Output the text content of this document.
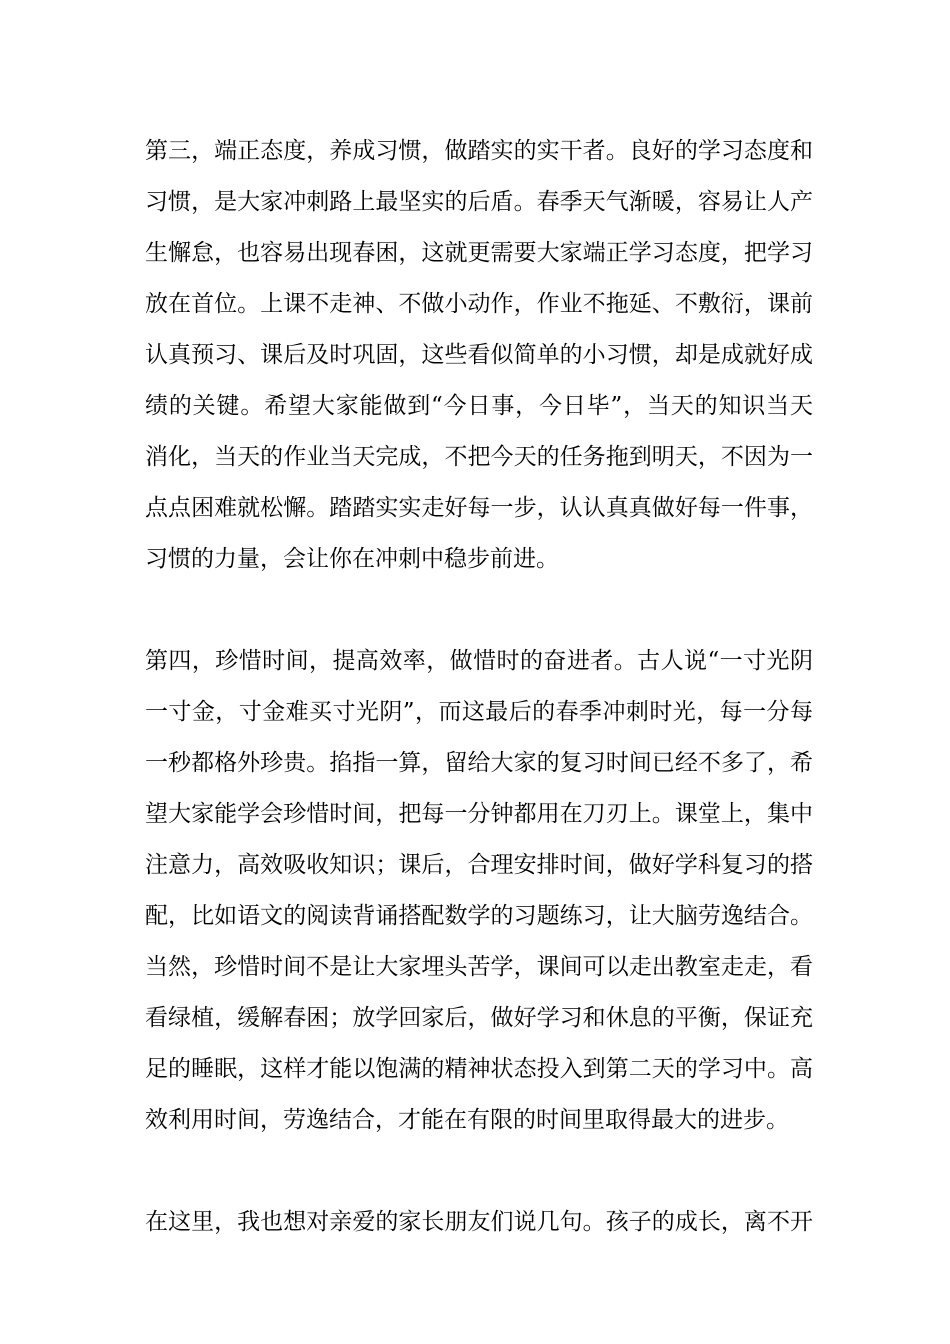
第三，端正态度，养成习惯，做踏实的实干者。良好的学习态度和
习惯，是大家冲刺路上最坚实的后盾。春季天气渐暖，容易让人产
生懈怠，也容易出现春困，这就更需要大家端正学习态度，把学习
放在首位。上课不走神、不做小动作，作业不拖延、不敷衍，课前
认真预习、课后及时巩固，这些看似简单的小习惯，却是成就好成
绩的关键。希望大家能做到“今日事，今日毕”，当天的知识当天
消化，当天的作业当天完成，不把今天的任务拖到明天，不因为一
点点困难就松懈。踏踏实实走好每一步，认认真真做好每一件事，
习惯的力量，会让你在冲刺中稳步前进。
第四，珍惜时间，提高效率，做惜时的奋进者。古人说“一寸光阴
一寸金，寸金难买寸光阴”，而这最后的春季冲刺时光，每一分每
一秒都格外珍贵。掐指一算，留给大家的复习时间已经不多了，希
望大家能学会珍惜时间，把每一分钟都用在刀刃上。课堂上，集中
注意力，高效吸收知识；课后，合理安排时间，做好学科复习的搭
配，比如语文的阅读背诵搭配数学的习题练习，让大脑劳逸结合。
当然，珍惜时间不是让大家埋头苦学，课间可以走出教室走走，看
看绿植，缓解春困；放学回家后，做好学习和休息的平衡，保证充
足的睡眠，这样才能以饱满的精神状态投入到第二天的学习中。高
效利用时间，劳逸结合，才能在有限的时间里取得最大的进步。
在这里，我也想对亲爱的家长朋友们说几句。孩子的成长，离不开
